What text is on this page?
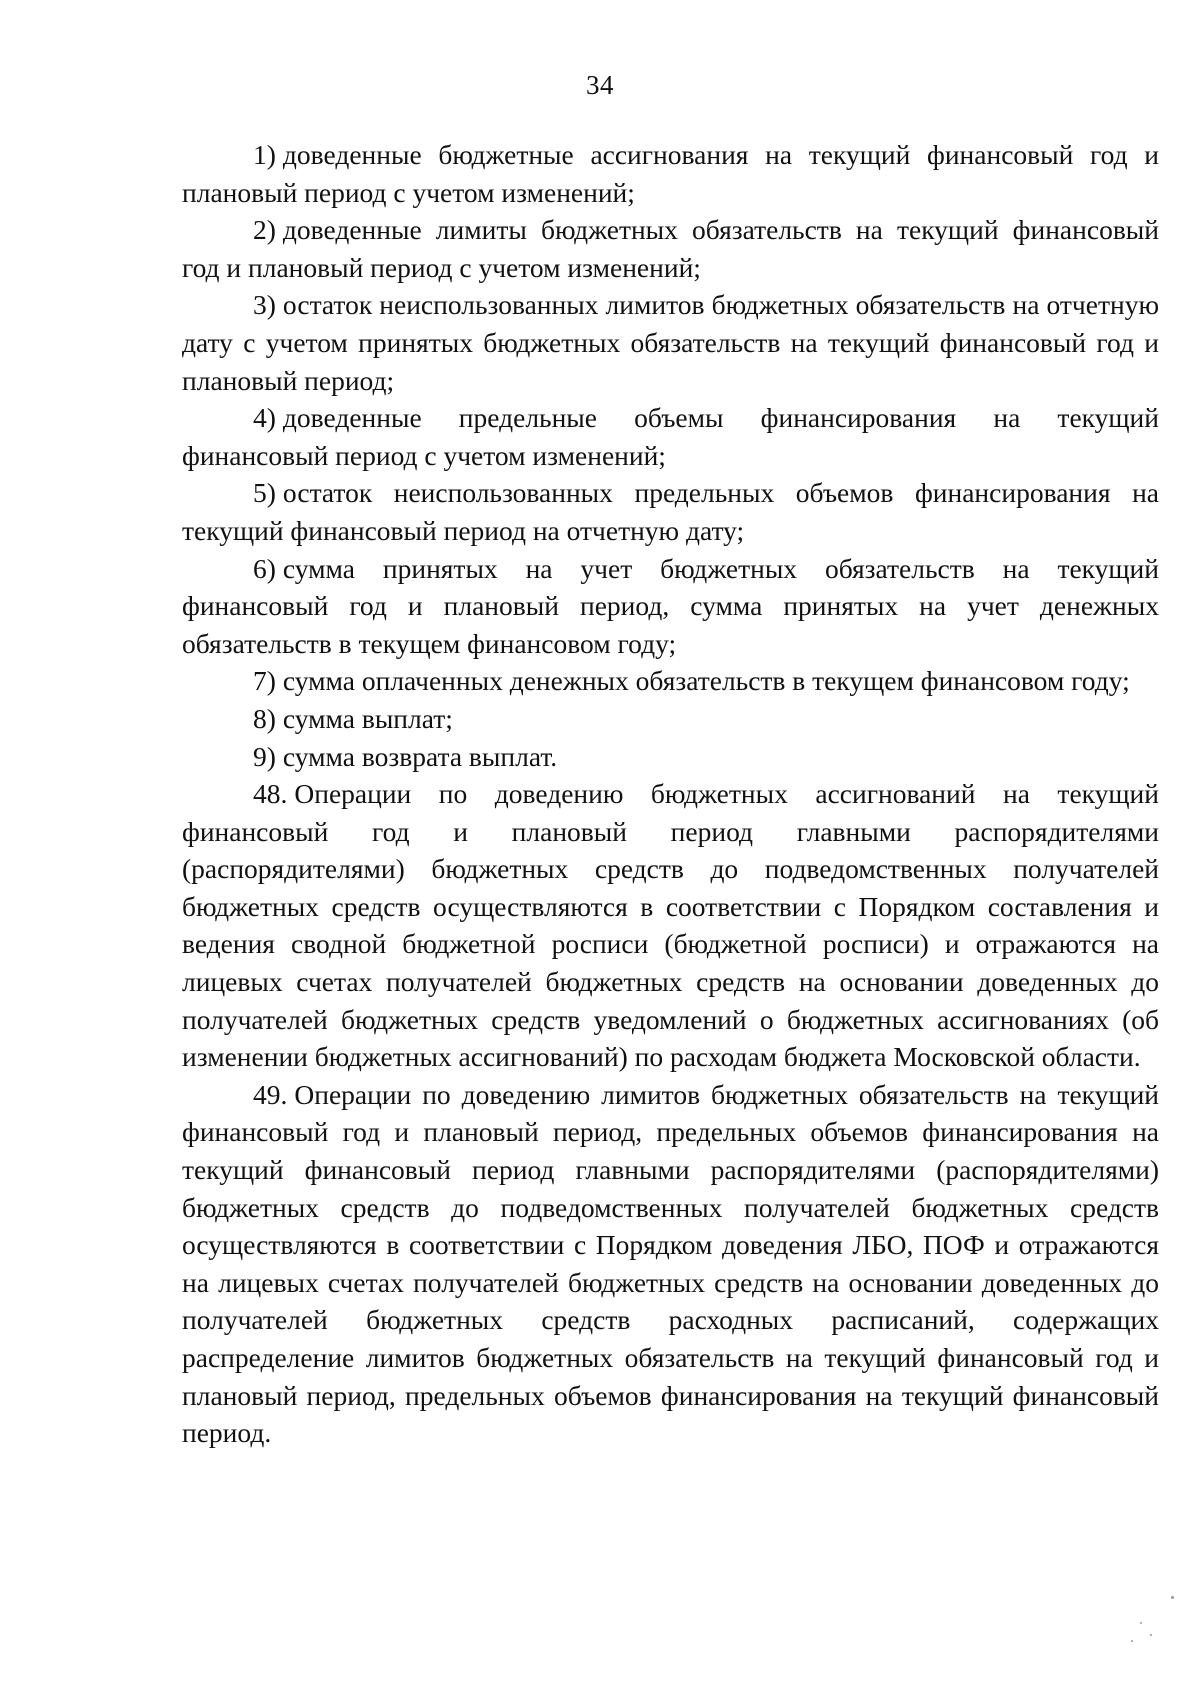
34

1) доведенные бюджетные ассигнования на текущий финансовый год и плановый период с учетом изменений;

2) доведенные лимиты бюджетных обязательств на текущий финансовый год и плановый период с учетом изменений;

3) остаток неиспользованных лимитов бюджетных обязательств на отчетную дату с учетом принятых бюджетных обязательств на текущий финансовый год и плановый период;

4) доведенные предельные объемы финансирования на текущий финансовый период с учетом изменений;

5) остаток неиспользованных предельных объемов финансирования на текущий финансовый период на отчетную дату;

6) сумма принятых на учет бюджетных обязательств на текущий финансовый год и плановый период, сумма принятых на учет денежных обязательств в текущем финансовом году;

7) сумма оплаченных денежных обязательств в текущем финансовом году;

8) сумма выплат;

9) сумма возврата выплат.

48. Операции по доведению бюджетных ассигнований на текущий финансовый год и плановый период главными распорядителями (распорядителями) бюджетных средств до подведомственных получателей бюджетных средств осуществляются в соответствии с Порядком составления и ведения сводной бюджетной росписи (бюджетной росписи) и отражаются на лицевых счетах получателей бюджетных средств на основании доведенных до получателей бюджетных средств уведомлений о бюджетных ассигнованиях (об изменении бюджетных ассигнований) по расходам бюджета Московской области.

49. Операции по доведению лимитов бюджетных обязательств на текущий финансовый год и плановый период, предельных объемов финансирования на текущий финансовый период главными распорядителями (распорядителями) бюджетных средств до подведомственных получателей бюджетных средств осуществляются в соответствии с Порядком доведения ЛБО, ПОФ и отражаются на лицевых счетах получателей бюджетных средств на основании доведенных до получателей бюджетных средств расходных расписаний, содержащих распределение лимитов бюджетных обязательств на текущий финансовый год и плановый период, предельных объемов финансирования на текущий финансовый период.
